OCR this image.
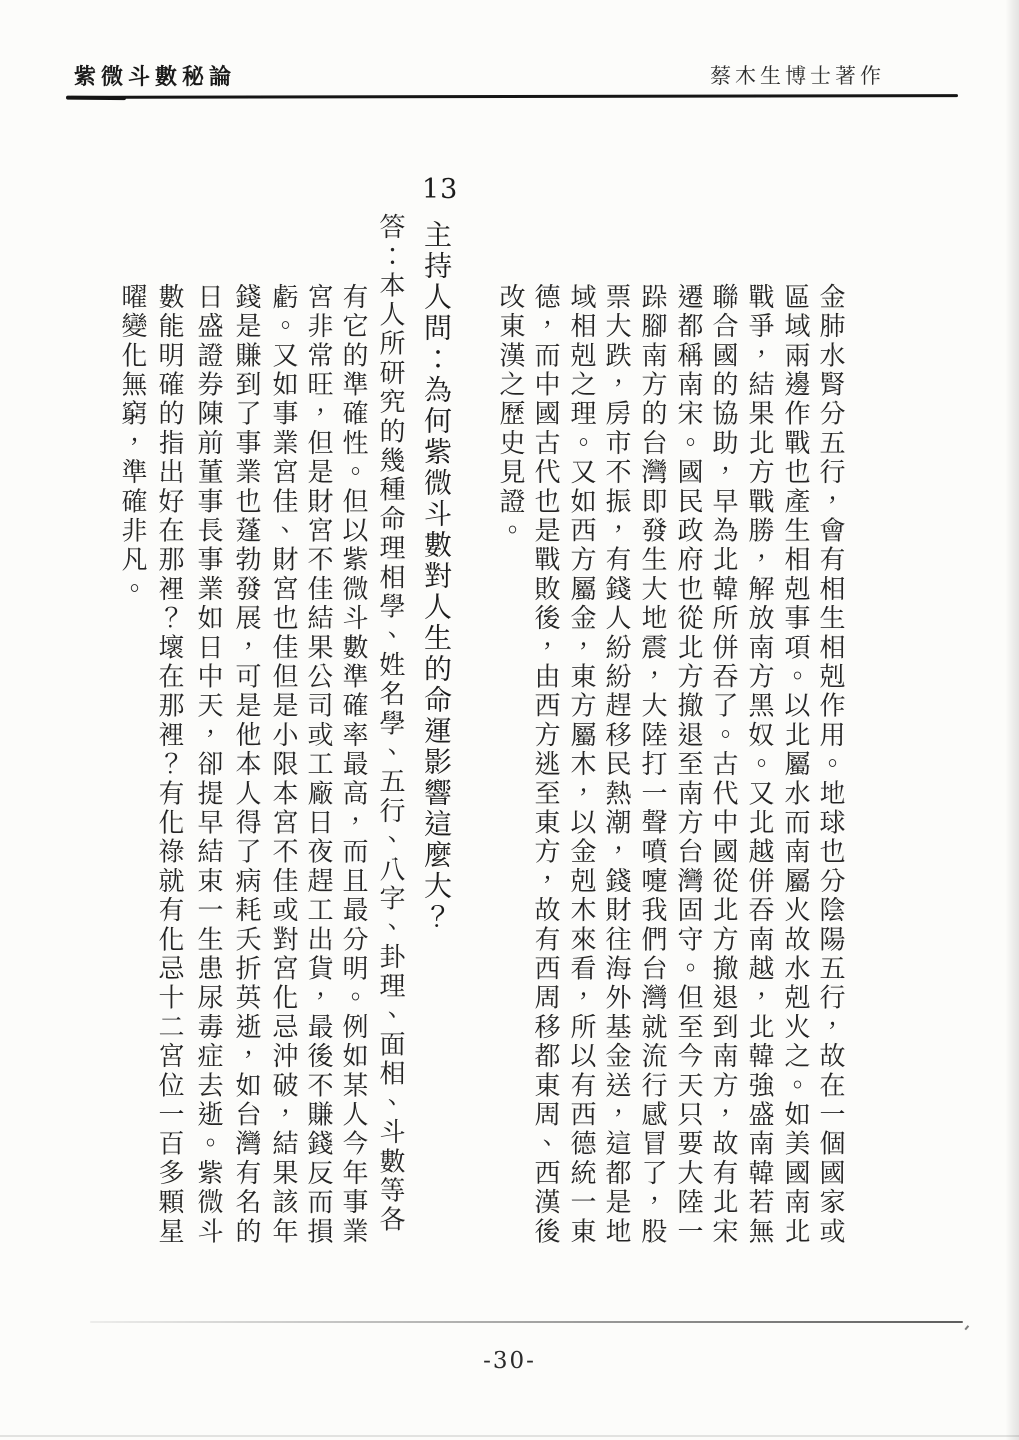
紫微斗數秘論	蔡木生博士著作
金肺水腎分五行，會有相生相剋作用。地球也分陰陽五行，故在一個國家或
區域兩邊作戰也產生相剋事項。以北屬水而南屬火故水剋火之。如美國南北
戰爭，結果北方戰勝，解放南方黑奴。又北越併吞南越，北韓強盛南韓若無
聯合國的協助，早為北韓所併吞了。古代中國從北方撤退到南方，故有北宋
遷都稱南宋。國民政府也從北方撤退至南方台灣固守。但至今天只要大陸一
跺腳南方的台灣即發生大地震，大陸打一聲噴嚏我們台灣就流行感冒了，股
票大跌，房市不振，有錢人紛紛趕移民熱潮，錢財往海外基金送，這都是地
域相剋之理。又如西方屬金，東方屬木，以金剋木來看，所以有西德統一東
德，而中國古代也是戰敗後，由西方逃至東方，故有西周移都東周、西漢後
改東漢之歷史見證。
13
主持人問：為何紫微斗數對人生的命運影響這麼大？
答：本人所研究的幾種命理相學、姓名學、五行、八字、卦理、面相、斗數等各
有它的準確性。但以紫微斗數準確率最高，而且最分明。例如某人今年事業
宮非常旺，但是財宮不佳結果公司或工廠日夜趕工出貨，最後不賺錢反而損
虧。又如事業宮佳、財宮也佳但是小限本宮不佳或對宮化忌沖破，結果該年
錢是賺到了事業也蓬勃發展，可是他本人得了病耗夭折英逝，如台灣有名的
日盛證券陳前董事長事業如日中天，卻提早結束一生患尿毒症去逝。紫微斗
數能明確的指出好在那裡？壞在那裡？有化祿就有化忌十二宮位一百多顆星
曜變化無窮，準確非凡。
-30-
